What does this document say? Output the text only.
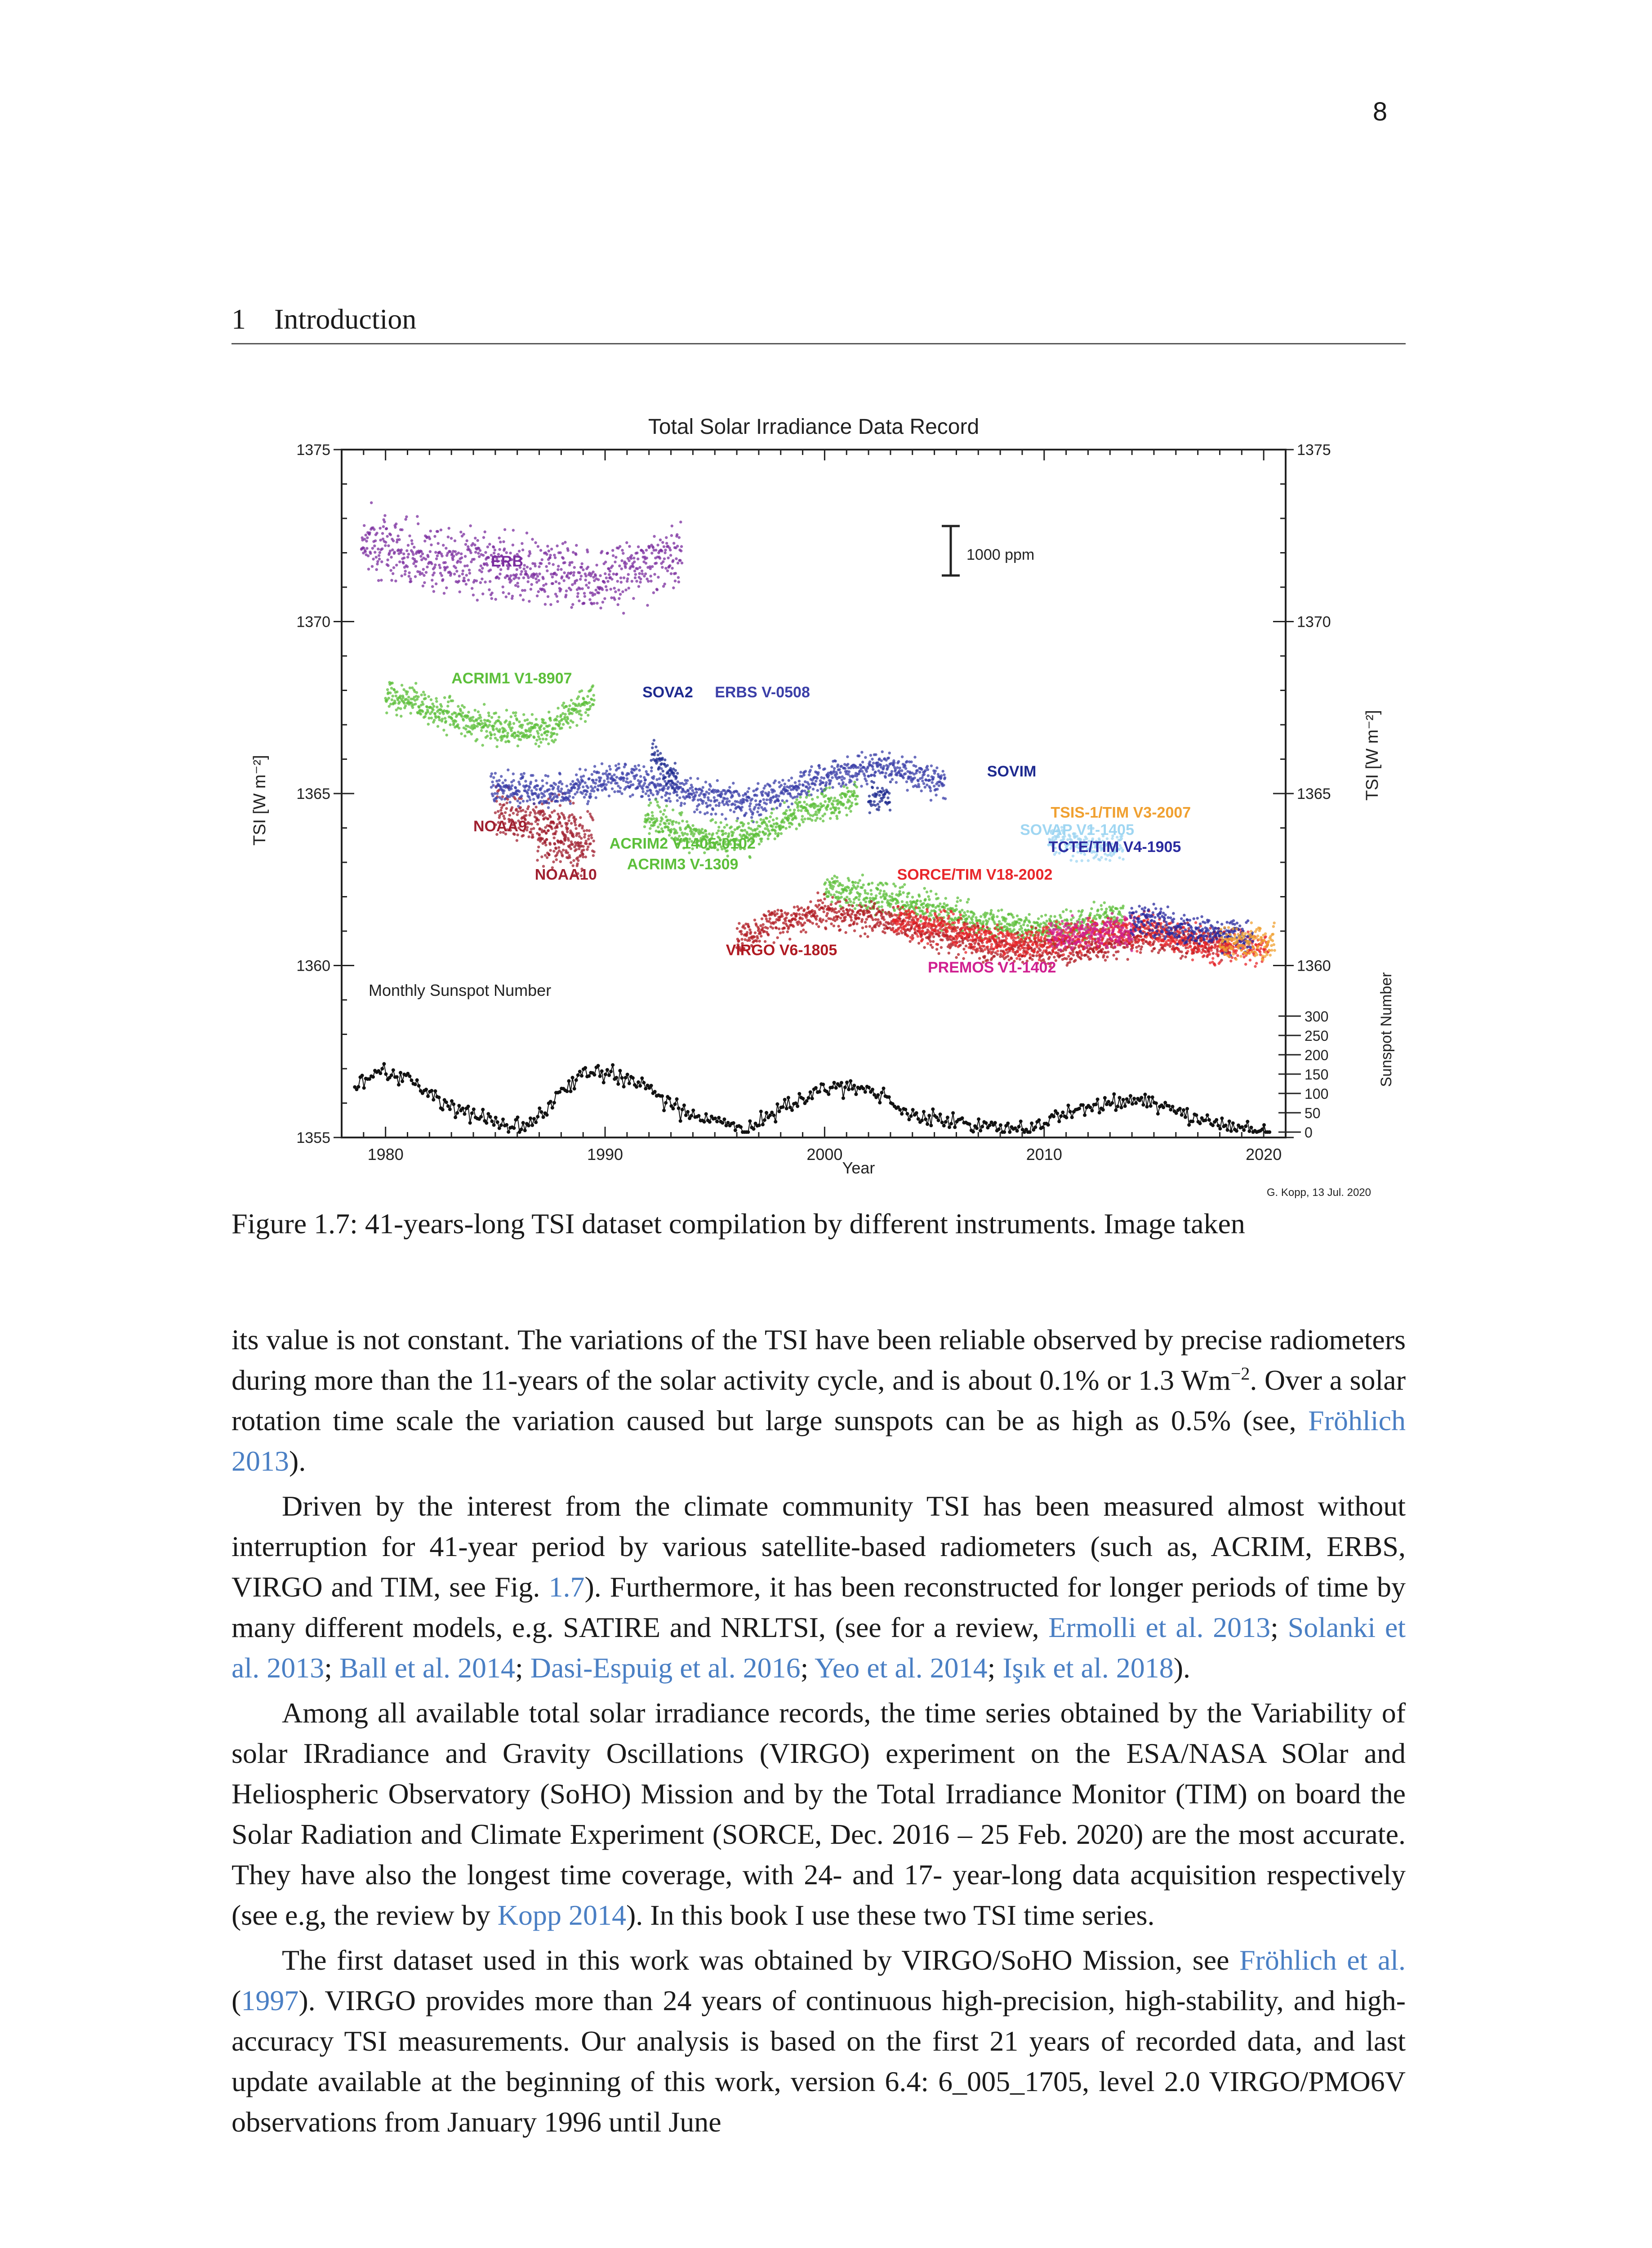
8
1 Introduction
1980	1990	2000	2010	2020
1355
1360	1360
1365	1365
1370	1370
1375	1375
0
50
100
150
200
250
300
ERB
ACRIM1 V1-8907
NOAA9
NOAA10
ERBS V-0508
SOVA2
ACRIM2 V1405-0102
ACRIM3 V-1309
SOVIM
VIRGO V6-1805
SORCE/TIM V18-2002
PREMOS V1-1402
SOVAP V1-1405
TCTE/TIM V4-1905
TSIS-1/TIM V3-2007
Total Solar Irradiance Data Record
Year
G. Kopp, 13 Jul. 2020
TSI [W m⁻²]	TSI [W m⁻²]
Sunspot Number
Monthly Sunspot Number
1000 ppm
Figure 1.7: 41-years-long TSI dataset compilation by different instruments. Image taken

its value is not constant. The variations of the TSI have been reliable observed by precise radiometers during more than the 11-years of the solar activity cycle, and is about 0.1% or 1.3 $Wm^{-2}$. Over a solar rotation time scale the variation caused but large sunspots can be as high as 0.5% (see, Fröhlich 2013).

Driven by the interest from the climate community TSI has been measured almost without interruption for 41-year period by various satellite-based radiometers (such as, ACRIM, ERBS, VIRGO and TIM, see Fig. 1.7). Furthermore, it has been reconstructed for longer periods of time by many different models, e.g. SATIRE and NRLTSI, (see for a review, Ermolli et al. 2013; Solanki et al. 2013; Ball et al. 2014; Dasi-Espuig et al. 2016; Yeo et al. 2014; Işık et al. 2018).

Among all available total solar irradiance records, the time series obtained by the Variability of solar IRradiance and Gravity Oscillations (VIRGO) experiment on the ESA/NASA SOlar and Heliospheric Observatory (SoHO) Mission and by the Total Irradiance Monitor (TIM) on board the Solar Radiation and Climate Experiment (SORCE, Dec. 2016 – 25 Feb. 2020) are the most accurate. They have also the longest time coverage, with 24- and 17- year-long data acquisition respectively (see e.g, the review by Kopp 2014). In this book I use these two TSI time series.

The first dataset used in this work was obtained by VIRGO/SoHO Mission, see Fröhlich et al. (1997). VIRGO provides more than 24 years of continuous high-precision, high-stability, and high-accuracy TSI measurements. Our analysis is based on the first 21 years of recorded data, and last update available at the beginning of this work, version 6.4: 6_005_1705, level 2.0 VIRGO/PMO6V observations from January 1996 until June
